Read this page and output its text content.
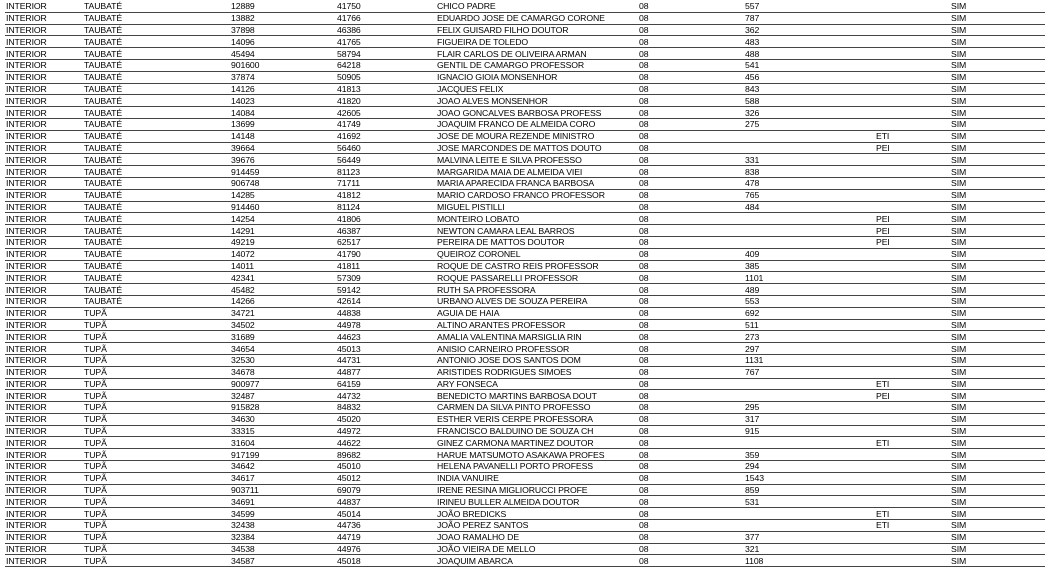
INTERIOR	TAUBATÉ	12889	41750	CHICO PADRE	08	557		SIM
INTERIOR	TAUBATÉ	13882	41766	EDUARDO JOSE DE CAMARGO CORONE	08	787		SIM
INTERIOR	TAUBATÉ	37898	46386	FELIX GUISARD FILHO DOUTOR	08	362		SIM
INTERIOR	TAUBATÉ	14096	41765	FIGUEIRA DE TOLEDO	08	483		SIM
INTERIOR	TAUBATÉ	45494	58794	FLAIR CARLOS DE OLIVEIRA ARMAN	08	488		SIM
INTERIOR	TAUBATÉ	901600	64218	GENTIL DE CAMARGO PROFESSOR	08	541		SIM
INTERIOR	TAUBATÉ	37874	50905	IGNACIO GIOIA MONSENHOR	08	456		SIM
INTERIOR	TAUBATÉ	14126	41813	JACQUES FELIX	08	843		SIM
INTERIOR	TAUBATÉ	14023	41820	JOAO ALVES MONSENHOR	08	588		SIM
INTERIOR	TAUBATÉ	14084	42605	JOAO GONCALVES BARBOSA PROFESS	08	326		SIM
INTERIOR	TAUBATÉ	13699	41749	JOAQUIM FRANCO DE ALMEIDA CORO	08	275		SIM
INTERIOR	TAUBATÉ	14148	41692	JOSE DE MOURA REZENDE MINISTRO	08		ETI	SIM
INTERIOR	TAUBATÉ	39664	56460	JOSE MARCONDES DE MATTOS DOUTO	08		PEI	SIM
INTERIOR	TAUBATÉ	39676	56449	MALVINA LEITE E SILVA PROFESSO	08	331		SIM
INTERIOR	TAUBATÉ	914459	81123	MARGARIDA MAIA DE ALMEIDA VIEI	08	838		SIM
INTERIOR	TAUBATÉ	906748	71711	MARIA APARECIDA FRANCA BARBOSA	08	478		SIM
INTERIOR	TAUBATÉ	14285	41812	MARIO CARDOSO FRANCO PROFESSOR	08	765		SIM
INTERIOR	TAUBATÉ	914460	81124	MIGUEL PISTILLI	08	484		SIM
INTERIOR	TAUBATÉ	14254	41806	MONTEIRO LOBATO	08		PEI	SIM
INTERIOR	TAUBATÉ	14291	46387	NEWTON CAMARA LEAL BARROS	08		PEI	SIM
INTERIOR	TAUBATÉ	49219	62517	PEREIRA DE MATTOS DOUTOR	08		PEI	SIM
INTERIOR	TAUBATÉ	14072	41790	QUEIROZ CORONEL	08	409		SIM
INTERIOR	TAUBATÉ	14011	41811	ROQUE DE CASTRO REIS PROFESSOR	08	385		SIM
INTERIOR	TAUBATÉ	42341	57309	ROQUE PASSARELLI PROFESSOR	08	1101		SIM
INTERIOR	TAUBATÉ	45482	59142	RUTH SA PROFESSORA	08	489		SIM
INTERIOR	TAUBATÉ	14266	42614	URBANO ALVES DE SOUZA PEREIRA	08	553		SIM
INTERIOR	TUPÃ	34721	44838	AGUIA DE HAIA	08	692		SIM
INTERIOR	TUPÃ	34502	44978	ALTINO ARANTES PROFESSOR	08	511		SIM
INTERIOR	TUPÃ	31689	44623	AMALIA VALENTINA MARSIGLIA RIN	08	273		SIM
INTERIOR	TUPÃ	34654	45013	ANISIO CARNEIRO PROFESSOR	08	297		SIM
INTERIOR	TUPÃ	32530	44731	ANTONIO JOSE DOS SANTOS DOM	08	1131		SIM
INTERIOR	TUPÃ	34678	44877	ARISTIDES RODRIGUES SIMOES	08	767		SIM
INTERIOR	TUPÃ	900977	64159	ARY FONSECA	08		ETI	SIM
INTERIOR	TUPÃ	32487	44732	BENEDICTO MARTINS BARBOSA DOUT	08		PEI	SIM
INTERIOR	TUPÃ	915828	84832	CARMEN DA SILVA PINTO PROFESSO	08	295		SIM
INTERIOR	TUPÃ	34630	45020	ESTHER VERIS CERPE PROFESSORA	08	317		SIM
INTERIOR	TUPÃ	33315	44972	FRANCISCO BALDUINO DE SOUZA CH	08	915		SIM
INTERIOR	TUPÃ	31604	44622	GINEZ CARMONA MARTINEZ DOUTOR	08		ETI	SIM
INTERIOR	TUPÃ	917199	89682	HARUE MATSUMOTO ASAKAWA PROFES	08	359		SIM
INTERIOR	TUPÃ	34642	45010	HELENA PAVANELLI PORTO PROFESS	08	294		SIM
INTERIOR	TUPÃ	34617	45012	INDIA VANUIRE	08	1543		SIM
INTERIOR	TUPÃ	903711	69079	IRENE RESINA MIGLIORUCCI PROFE	08	859		SIM
INTERIOR	TUPÃ	34691	44837	IRINEU BULLER ALMEIDA DOUTOR	08	531		SIM
INTERIOR	TUPÃ	34599	45014	JOÃO BREDICKS	08		ETI	SIM
INTERIOR	TUPÃ	32438	44736	JOÃO PEREZ SANTOS	08		ETI	SIM
INTERIOR	TUPÃ	32384	44719	JOAO RAMALHO DE	08	377		SIM
INTERIOR	TUPÃ	34538	44976	JOÃO VIEIRA DE MELLO	08	321		SIM
INTERIOR	TUPÃ	34587	45018	JOAQUIM ABARCA	08	1108		SIM
